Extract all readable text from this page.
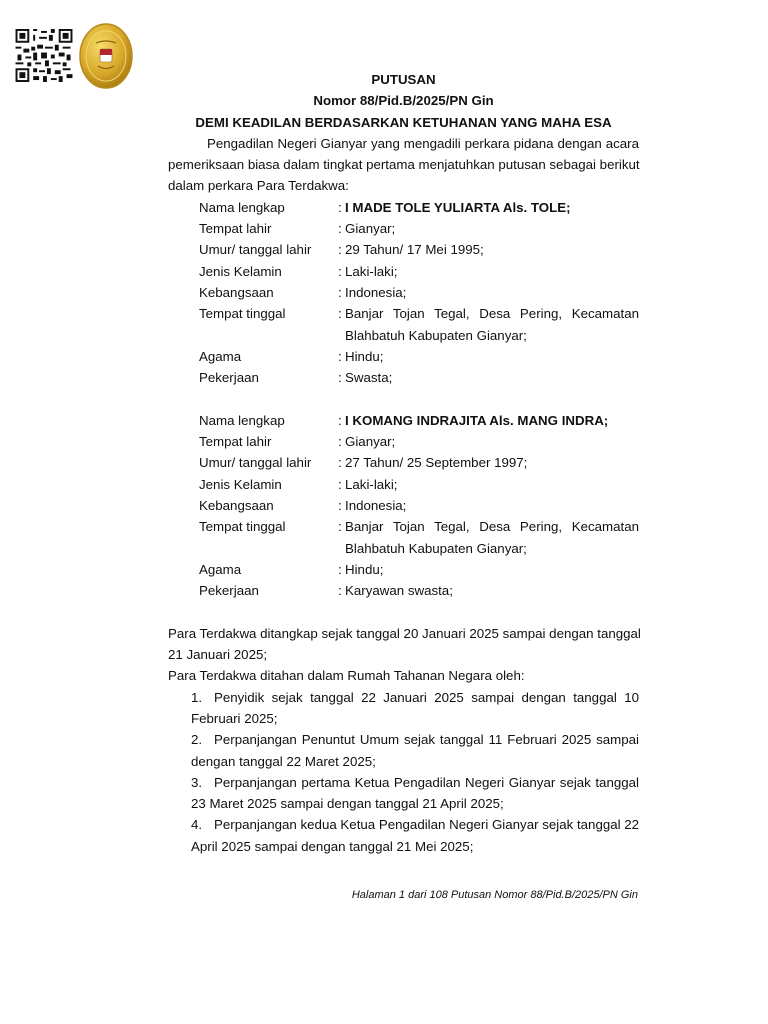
PUTUSAN
Nomor 88/Pid.B/2025/PN Gin
DEMI KEADILAN BERDASARKAN KETUHANAN YANG MAHA ESA
Pengadilan Negeri Gianyar yang mengadili perkara pidana dengan acara
pemeriksaan biasa dalam tingkat pertama menjatuhkan putusan sebagai berikut
dalam perkara Para Terdakwa:
Nama lengkap	: I MADE TOLE YULIARTA Als. TOLE;
Tempat lahir	: Gianyar;
Umur/ tanggal lahir	: 29 Tahun/ 17 Mei 1995;
Jenis Kelamin	: Laki-laki;
Kebangsaan	: Indonesia;
Tempat tinggal	: Banjar Tojan Tegal, Desa Pering, Kecamatan
Blahbatuh Kabupaten Gianyar;
Agama	: Hindu;
Pekerjaan	: Swasta;
Nama lengkap	: I KOMANG INDRAJITA Als. MANG INDRA;
Tempat lahir	: Gianyar;
Umur/ tanggal lahir	: 27 Tahun/ 25 September 1997;
Jenis Kelamin	: Laki-laki;
Kebangsaan	: Indonesia;
Tempat tinggal	: Banjar Tojan Tegal, Desa Pering, Kecamatan
Blahbatuh Kabupaten Gianyar;
Agama	: Hindu;
Pekerjaan	: Karyawan swasta;
Para Terdakwa ditangkap sejak tanggal 20 Januari 2025 sampai dengan tanggal
21 Januari 2025;
Para Terdakwa ditahan dalam Rumah Tahanan Negara oleh:
1. Penyidik sejak tanggal 22 Januari 2025 sampai dengan tanggal 10
Februari 2025;
2. Perpanjangan Penuntut Umum sejak tanggal 11 Februari 2025 sampai
dengan tanggal 22 Maret 2025;
3. Perpanjangan pertama Ketua Pengadilan Negeri Gianyar sejak tanggal
23 Maret 2025 sampai dengan tanggal 21 April 2025;
4. Perpanjangan kedua Ketua Pengadilan Negeri Gianyar sejak tanggal 22
April 2025 sampai dengan tanggal 21 Mei 2025;
Halaman 1 dari 108 Putusan Nomor 88/Pid.B/2025/PN Gin
